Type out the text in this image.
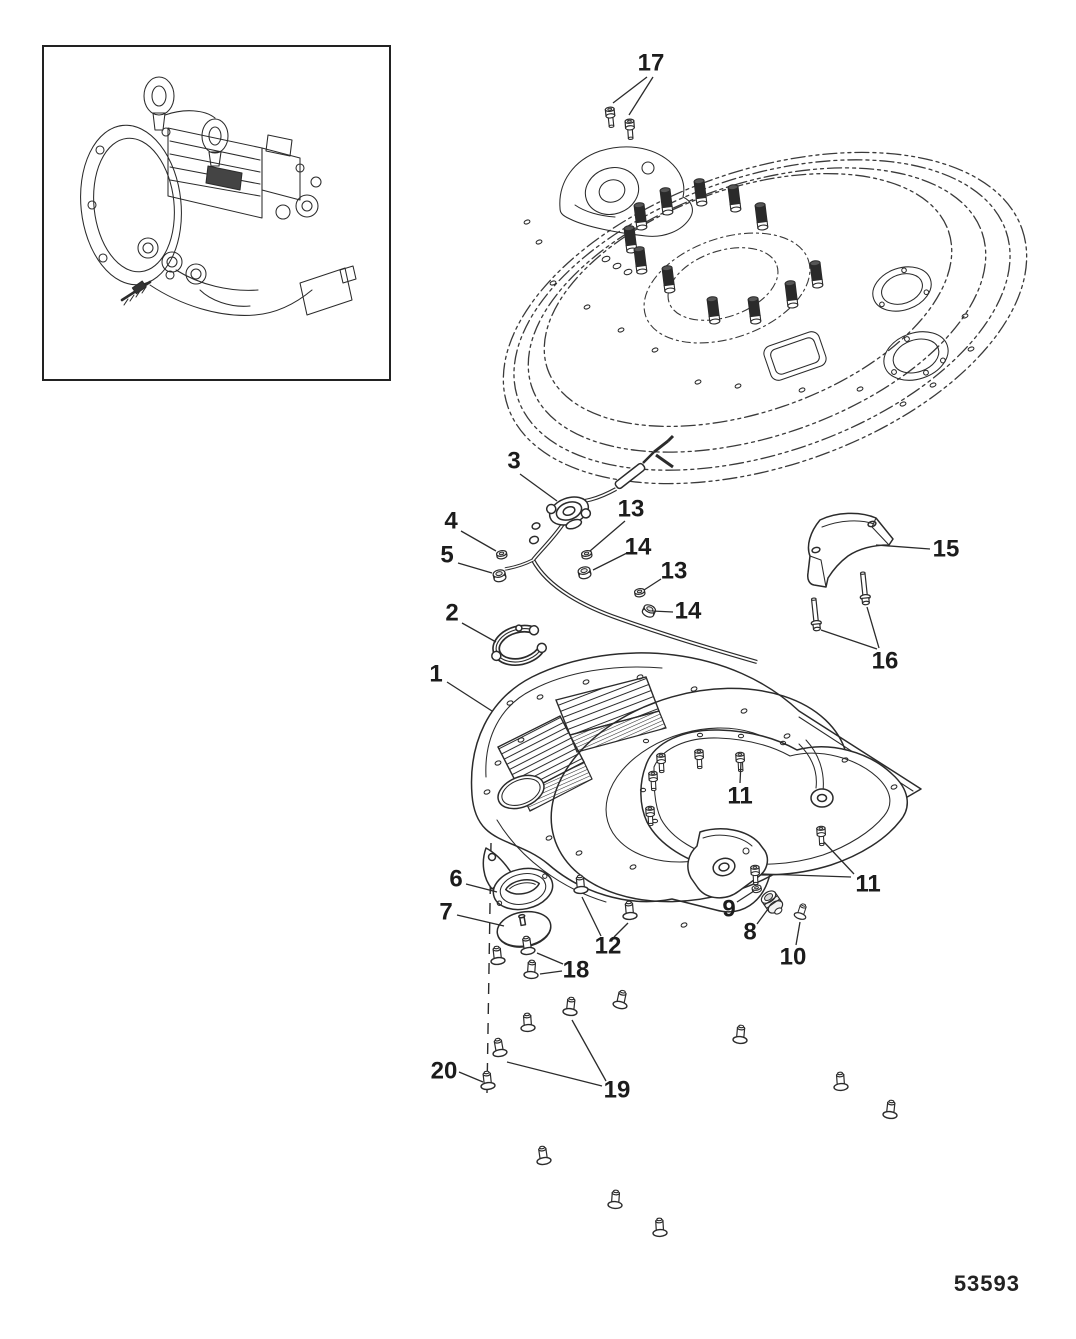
17
3
4
5
13
14
13
14
2
1
15
16
11
11
6
7
12
18
9
8
10
20
19
53593
